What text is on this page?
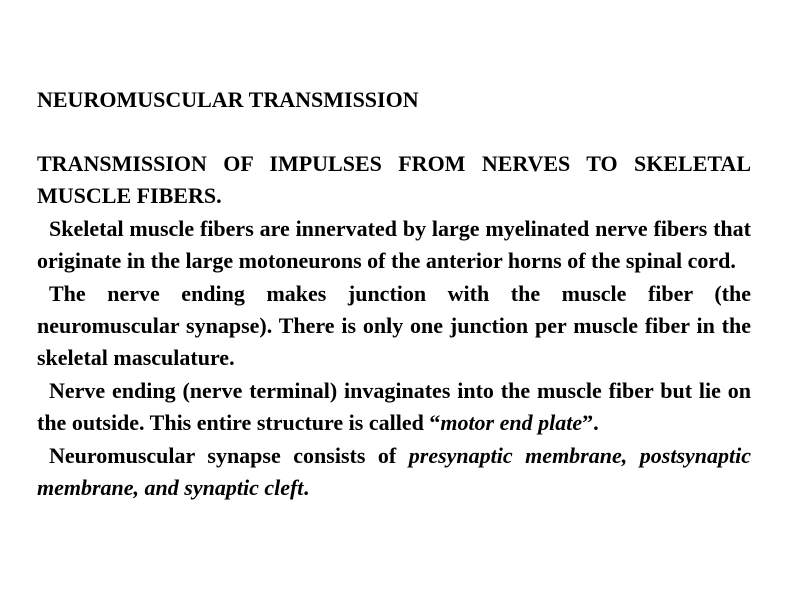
NEUROMUSCULAR TRANSMISSION

TRANSMISSION OF IMPULSES FROM NERVES TO SKELETAL MUSCLE FIBERS.

Skeletal muscle fibers are innervated by large myelinated nerve fibers that originate in the large motoneurons of the anterior horns of the spinal cord.

The nerve ending makes junction with the muscle fiber (the neuromuscular synapse). There is only one junction per muscle fiber in the skeletal masculature.

Nerve ending (nerve terminal) invaginates into the muscle fiber but lie on the outside. This entire structure is called “motor end plate”.

Neuromuscular synapse consists of presynaptic membrane, postsynaptic membrane, and synaptic cleft.
